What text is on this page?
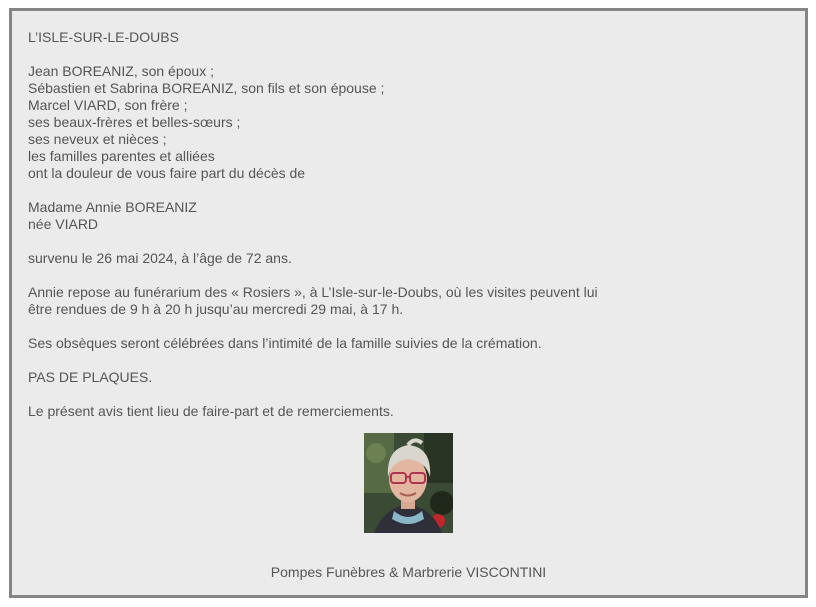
L’ISLE-SUR-LE-DOUBS
Jean BOREANIZ, son époux ;
Sébastien et Sabrina BOREANIZ, son fils et son épouse ;
Marcel VIARD, son frère ;
ses beaux-frères et belles-sœurs ;
ses neveux et nièces ;
les familles parentes et alliées
ont la douleur de vous faire part du décès de
Madame Annie BOREANIZ
née VIARD
survenu le 26 mai 2024, à l’âge de 72 ans.
Annie repose au funérarium des « Rosiers », à L’Isle-sur-le-Doubs, où les visites peuvent lui
être rendues de 9 h à 20 h jusqu’au mercredi 29 mai, à 17 h.
Ses obsèques seront célébrées dans l’intimité de la famille suivies de la crémation.
PAS DE PLAQUES.
Le présent avis tient lieu de faire-part et de remerciements.
Pompes Funèbres & Marbrerie VISCONTINI
